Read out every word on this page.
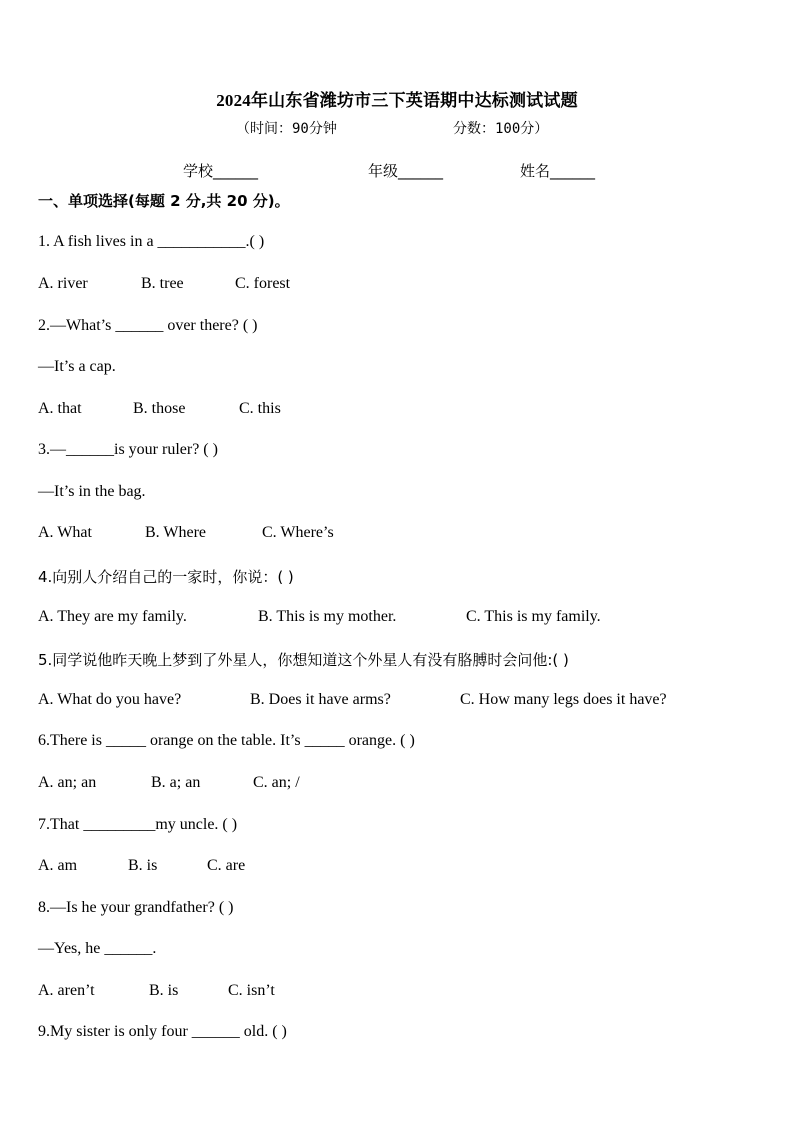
2024年山东省潍坊市三下英语期中达标测试试题
（时间：90分钟	分数：100分）
学校______	年级______	姓名______
一、单项选择(每题 2 分,共 20 分)。
1. A fish lives in a ___________.( )
A. river	B. tree	C. forest
2.—What’s ______ over there? ( )
—It’s a cap.
A. that	B. those	C. this
3.—______is your ruler? ( )
—It’s in the bag.
A. What	B. Where	C. Where’s
4.向别人介绍自己的一家时，你说：( )
A. They are my family.	B. This is my mother.	C. This is my family.
5.同学说他昨天晚上梦到了外星人，你想知道这个外星人有没有胳膊时会问他:( )
A. What do you have?	B. Does it have arms?	C. How many legs does it have?
6.There is _____ orange on the table. It’s _____ orange. ( )
A. an; an	B. a; an	C. an; /
7.That _________my uncle. ( )
A. am	B. is	C. are
8.—Is he your grandfather? ( )
—Yes, he ______.
A. aren’t	B. is	C. isn’t
9.My sister is only four ______ old. ( )
